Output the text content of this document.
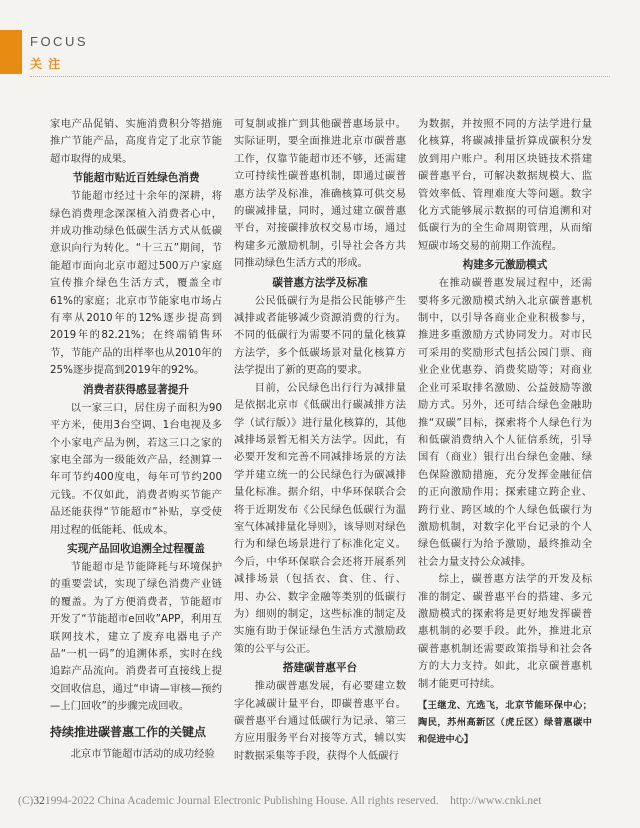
FOCUS
关 注

家电产品促销、实施消费积分等措施推广节能产品，高度肯定了北京节能超市取得的成果。

节能超市贴近百姓绿色消费

节能超市经过十余年的深耕，将绿色消费理念深深植入消费者心中，并成功推动绿色低碳生活方式从低碳意识向行为转化。“十三五”期间，节能超市面向北京市超过500万户家庭宣传推介绿色生活方式，覆盖全市61%的家庭；北京市节能家电市场占有率从2010年的12%逐步提高到2019年的82.21%；在终端销售环节，节能产品的出样率也从2010年的25%逐步提高到2019年的92%。

消费者获得感显著提升

以一家三口，居住房子面积为90平方米，使用3台空调、1台电视及多个小家电产品为例，若这三口之家的家电全部为一级能效产品，经测算一年可节约400度电，每年可节约200元钱。不仅如此，消费者购买节能产品还能获得“节能超市”补贴，享受使用过程的低能耗、低成本。

实现产品回收追溯全过程覆盖

节能超市是节能降耗与环境保护的重要尝试，实现了绿色消费产业链的覆盖。为了方便消费者，节能超市开发了“节能超市e回收”APP，利用互联网技术，建立了废弃电器电子产品“一机一码”的追溯体系，实时在线追踪产品流向。消费者可直接线上提交回收信息，通过“申请—审核—预约—上门回收”的步骤完成回收。

持续推进碳普惠工作的关键点

北京市节能超市活动的成功经验

可复制或推广到其他碳普惠场景中。实际证明，要全面推进北京市碳普惠工作，仅靠节能超市还不够，还需建立可持续性碳普惠机制，即通过碳普惠方法学及标准，准确核算可供交易的碳减排量，同时，通过建立碳普惠平台，对接碳排放权交易市场，通过构建多元激励机制，引导社会各方共同推动绿色生活方式的形成。

碳普惠方法学及标准

公民低碳行为是指公民能够产生减排或者能够减少资源消费的行为。不同的低碳行为需要不同的量化核算方法学，多个低碳场景对量化核算方法学提出了新的更高的要求。

目前，公民绿色出行行为减排量是依据北京市《低碳出行碳减排方法学（试行版）》进行量化核算的，其他减排场景暂无相关方法学。因此，有必要开发和完善不同减排场景的方法学并建立统一的公民绿色行为碳减排量化标准。据介绍，中华环保联合会将于近期发布《公民绿色低碳行为温室气体减排量化导则》，该导则对绿色行为和绿色场景进行了标准化定义。今后，中华环保联合会还将开展系列减排场景（包括衣、食、住、行、用、办公、数字金融等类别的低碳行为）细则的制定，这些标准的制定及实施有助于保证绿色生活方式激励政策的公平与公正。

搭建碳普惠平台

推动碳普惠发展，有必要建立数字化减碳计量平台，即碳普惠平台。碳普惠平台通过低碳行为记录、第三方应用服务平台对接等方式，辅以实时数据采集等手段，获得个人低碳行

为数据，并按照不同的方法学进行量化核算，将碳减排量折算成碳积分发放到用户账户。利用区块链技术搭建碳普惠平台，可解决数据规模大、监管效率低、管理难度大等问题。数字化方式能够展示数据的可信追溯和对低碳行为的全生命周期管理，从而缩短碳市场交易的前期工作流程。

构建多元激励模式

在推动碳普惠发展过程中，还需要将多元激励模式纳入北京碳普惠机制中，以引导各商业企业积极参与，推进多重激励方式协同发力。对市民可采用的奖励形式包括公园门票、商业企业优惠券、消费奖励等；对商业企业可采取排名激励、公益鼓励等激励方式。另外，还可结合绿色金融助推“双碳”目标，探索将个人绿色行为和低碳消费纳入个人征信系统，引导国有（商业）银行出台绿色金融、绿色保险激励措施，充分发挥金融征信的正向激励作用；探索建立跨企业、跨行业、跨区域的个人绿色低碳行为激励机制，对数字化平台记录的个人绿色低碳行为给予激励，最终推动全社会力量支持公众减排。

综上，碳普惠方法学的开发及标准的制定、碳普惠平台的搭建、多元激励模式的探索将是更好地发挥碳普惠机制的必要手段。此外，推进北京碳普惠机制还需要政策指导和社会各方的大力支持。如此，北京碳普惠机制才能更可持续。

【王继龙、亢选飞，北京节能环保中心；陶民，苏州高新区（虎丘区）绿普惠碳中和促进中心】
(C)321994-2022 China Academic Journal Electronic Publishing House. All rights reserved. http://www.cnki.net
